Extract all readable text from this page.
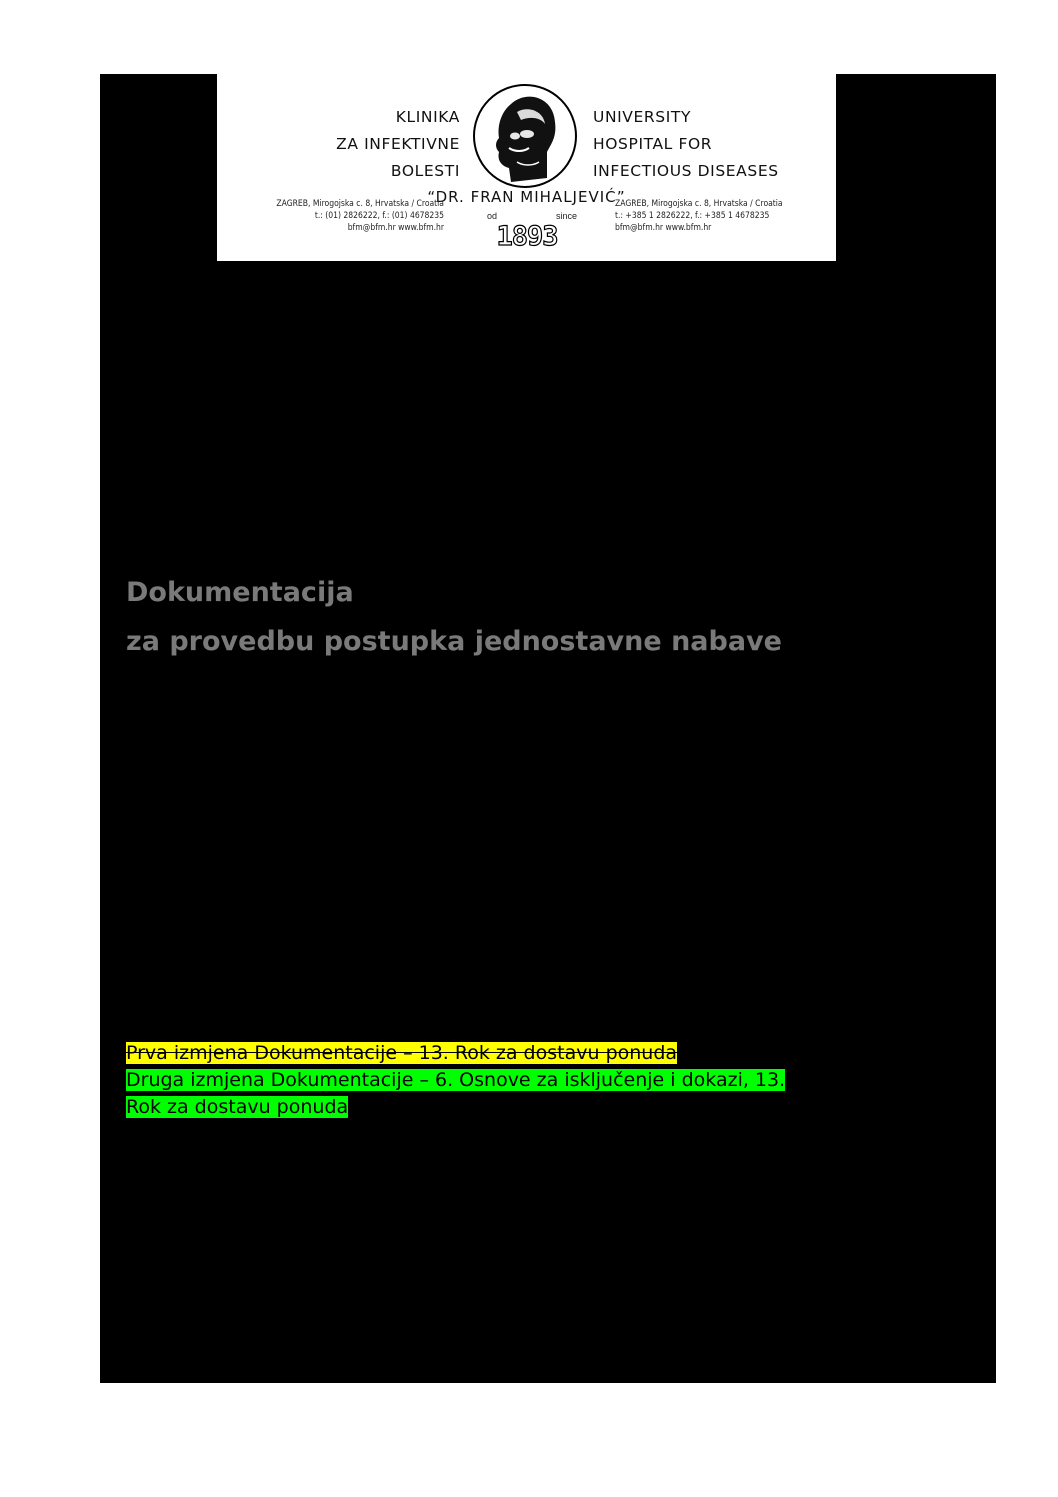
KLINIKA
ZA INFEKTIVNE
BOLESTI
UNIVERSITY
HOSPITAL FOR
INFECTIOUS DISEASES
“DR. FRAN MIHALJEVIĆ”
ZAGREB, Mirogojska c. 8, Hrvatska / Croatia
t.: (01) 2826222, f.: (01) 4678235
bfm@bfm.hr www.bfm.hr
ZAGREB, Mirogojska c. 8, Hrvatska / Croatia
t.: +385 1 2826222, f.: +385 1 4678235
bfm@bfm.hr www.bfm.hr
od	since
1893
Dokumentacija
za provedbu postupka jednostavne nabave
Prva izmjena Dokumentacije – 13. Rok za dostavu ponuda
Druga izmjena Dokumentacije – 6. Osnove za isključenje i dokazi, 13.
Rok za dostavu ponuda
